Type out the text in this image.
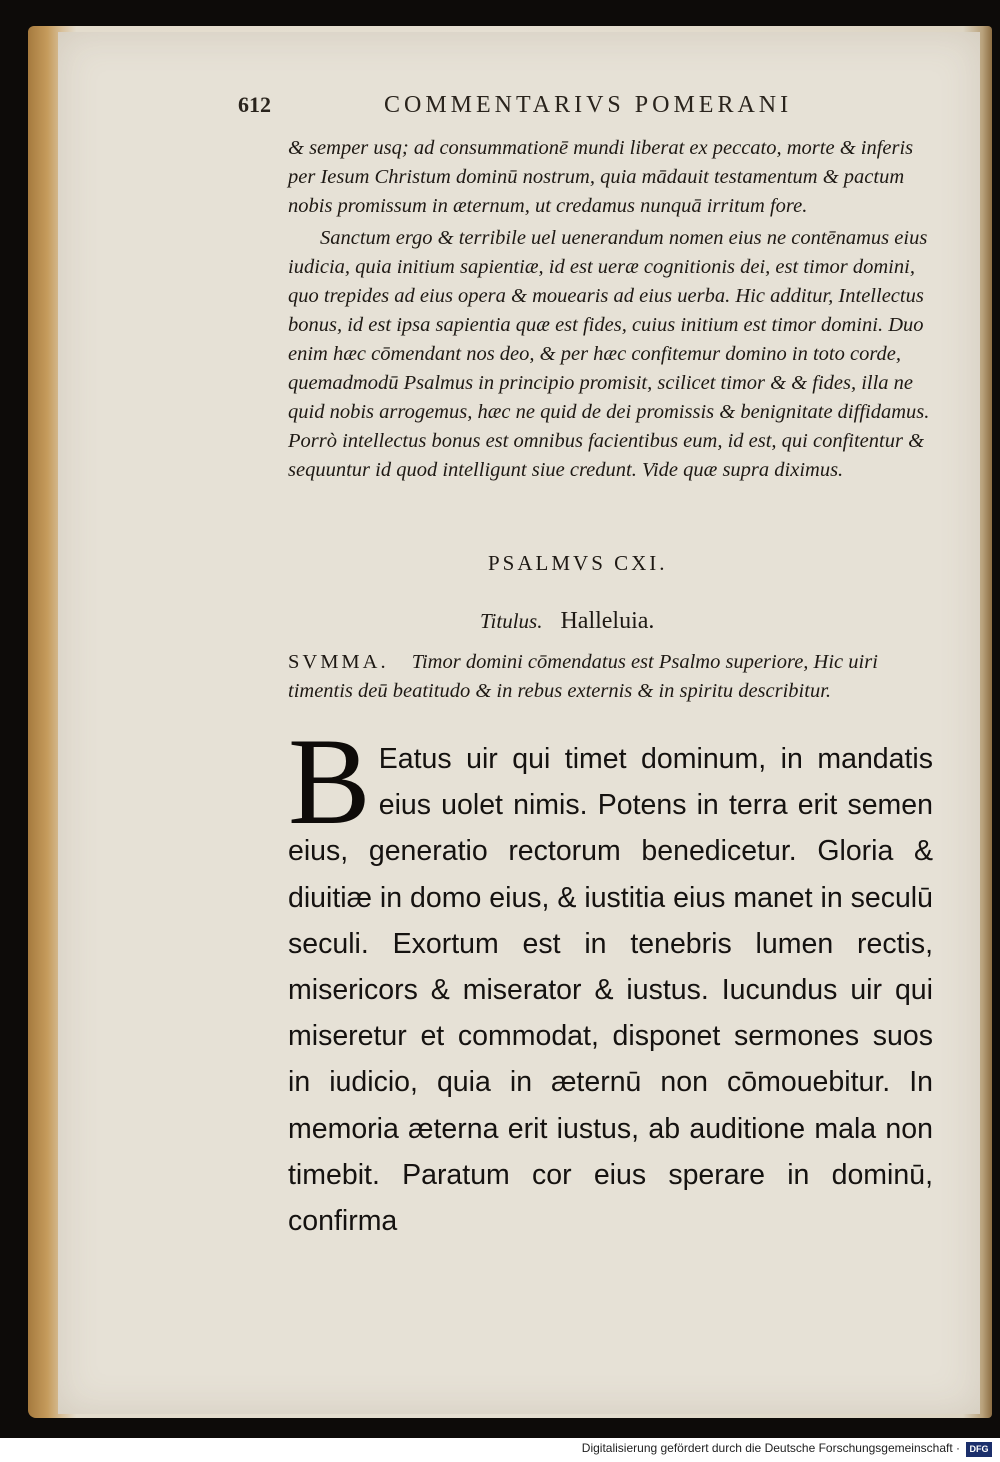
612	COMMENTARIVS POMERANI

& semper usq; ad consummationē mundi liberat ex peccato, morte & inferis per Iesum Christum dominū nostrum, quia mādauit testamentum & pactum nobis promissum in æternum, ut credamus nunquā irritum fore.

Sanctum ergo & terribile uel uenerandum nomen eius ne contēnamus eius iudicia, quia initium sapientiæ, id est ueræ cognitionis dei, est timor domini, quo trepides ad eius opera & mouearis ad eius uerba. Hic additur, Intellectus bonus, id est ipsa sapientia quæ est fides, cuius initium est timor domini. Duo enim hæc cōmendant nos deo, & per hæc confitemur domino in toto corde, quemadmodū Psalmus in principio promisit, scilicet timor & & fides, illa ne quid nobis arrogemus, hæc ne quid de dei promissis & benignitate diffidamus. Porrò intellectus bonus est omnibus facientibus eum, id est, qui confitentur & sequuntur id quod intelligunt siue credunt. Vide quæ supra diximus.

PSALMVS CXI.
Titulus. Halleluia.
SVMMA. Timor domini cōmendatus est Psalmo superiore, Hic uiri timentis deū beatitudo & in rebus externis & in spiritu describitur.
B Eatus uir qui timet dominum, in mandatis eius uolet nimis. Potens in terra erit semen eius, generatio rectorum benedicetur. Gloria & diuitiæ in domo eius, & iustitia eius manet in seculū seculi. Exortum est in tenebris lumen rectis, misericors & miserator & iustus. Iucundus uir qui miseretur et commodat, disponet sermones suos in iudicio, quia in æternū non cōmouebitur. In memoria æterna erit iustus, ab auditione mala non timebit. Paratum cor eius sperare in dominū, confirma

Digitalisierung gefördert durch die Deutsche Forschungsgemeinschaft ·	DFG
